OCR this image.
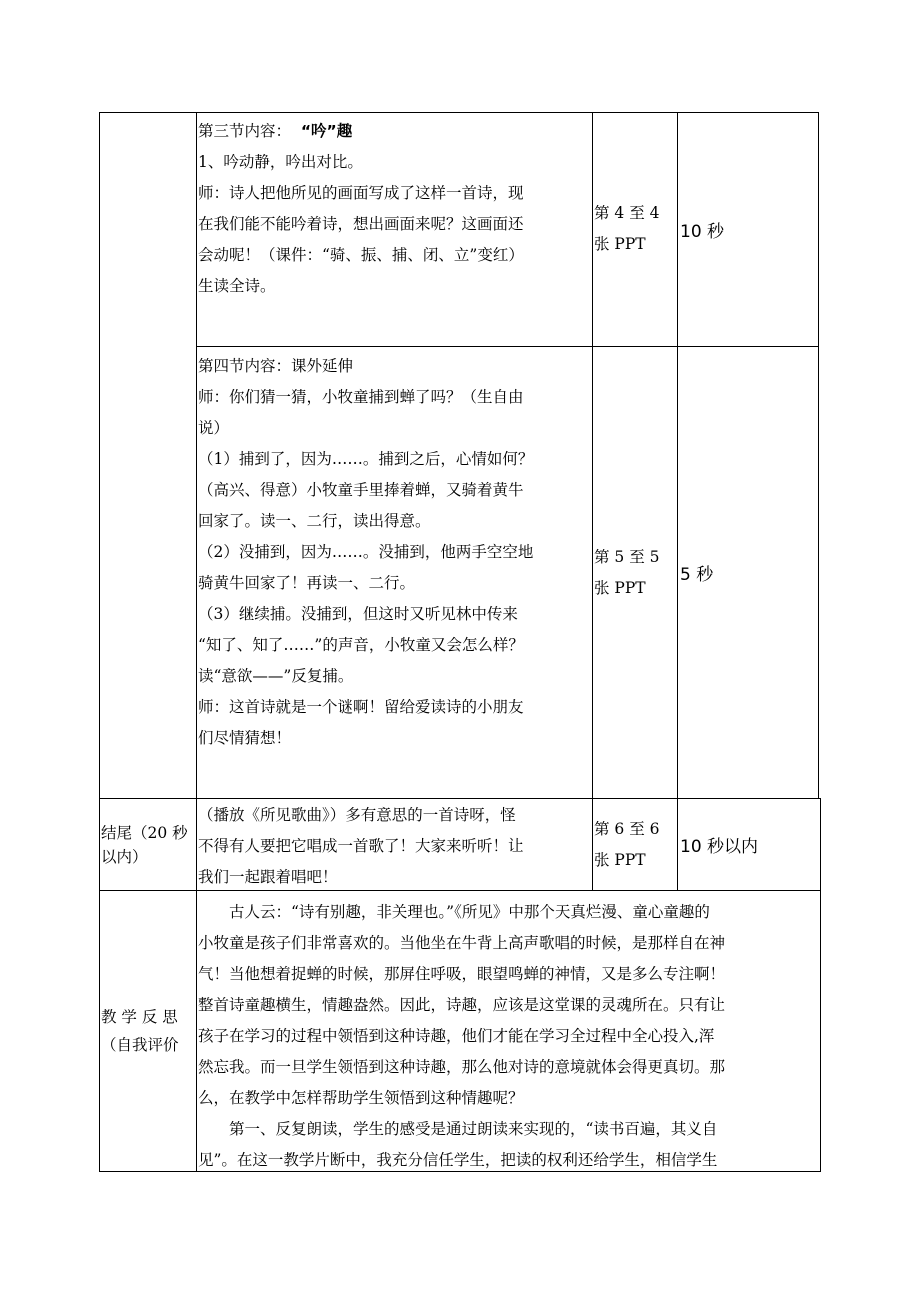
第三节内容： “吟”趣

1、吟动静，吟出对比。

师：诗人把他所见的画面写成了这样一首诗，现

在我们能不能吟着诗，想出画面来呢？这画面还

会动呢！（课件：“骑、振、捕、闭、立”变红）

生读全诗。

第 4 至 4

张 PPT

10 秒

第四节内容：课外延伸

师：你们猜一猜，小牧童捕到蝉了吗？（生自由

说）

（1）捕到了，因为……。捕到之后，心情如何？

（高兴、得意）小牧童手里捧着蝉，又骑着黄牛

回家了。读一、二行，读出得意。

（2）没捕到，因为……。没捕到，他两手空空地

骑黄牛回家了！再读一、二行。

（3）继续捕。没捕到，但这时又听见林中传来

“知了、知了……”的声音，小牧童又会怎么样？

读“意欲——”反复捕。

师：这首诗就是一个谜啊！留给爱读诗的小朋友

们尽情猜想！

第 5 至 5

张 PPT

5 秒

结尾（20 秒

以内）

（播放《所见歌曲》）多有意思的一首诗呀，怪

不得有人要把它唱成一首歌了！大家来听听！让

我们一起跟着唱吧！

第 6 至 6

张 PPT

10 秒以内

教 学 反 思

（自我评价

古人云：“诗有别趣，非关理也。”《所见》中那个天真烂漫、童心童趣的

小牧童是孩子们非常喜欢的。当他坐在牛背上高声歌唱的时候，是那样自在神

气！当他想着捉蝉的时候，那屏住呼吸，眼望鸣蝉的神情，又是多么专注啊！

整首诗童趣横生，情趣盎然。因此，诗趣，应该是这堂课的灵魂所在。只有让

孩子在学习的过程中领悟到这种诗趣，他们才能在学习全过程中全心投入,浑

然忘我。而一旦学生领悟到这种诗趣，那么他对诗的意境就体会得更真切。那

么，在教学中怎样帮助学生领悟到这种情趣呢？

第一、反复朗读，学生的感受是通过朗读来实现的，“读书百遍，其义自

见”。在这一教学片断中，我充分信任学生，把读的权利还给学生，相信学生
